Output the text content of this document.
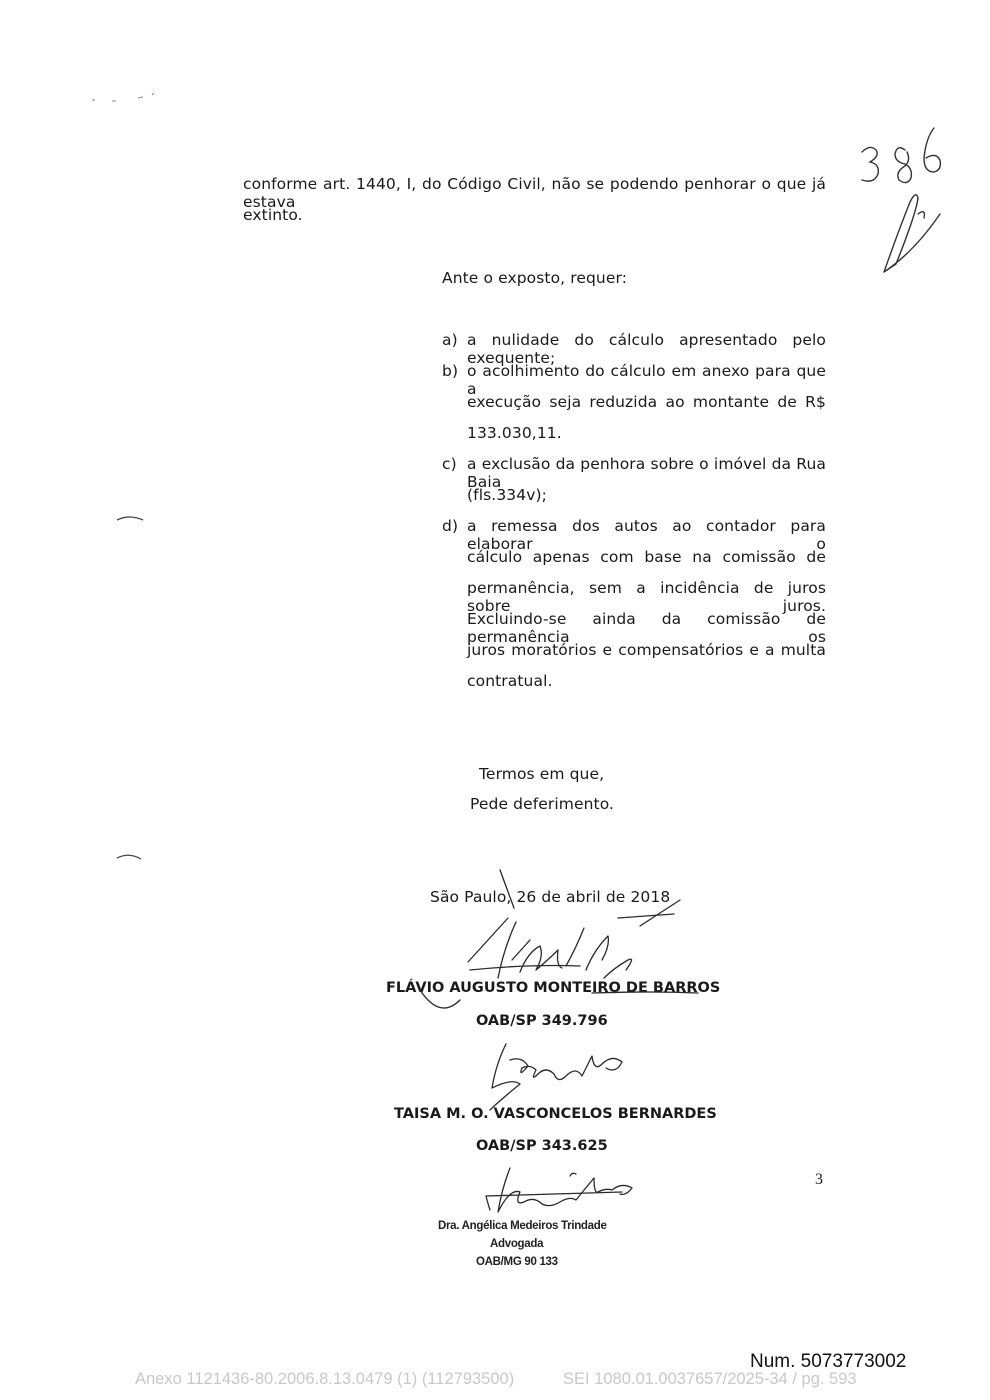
conforme art. 1440, I, do Código Civil, não se podendo penhorar o que já estava
extinto.
Ante o exposto, requer:
a) a nulidade do cálculo apresentado pelo exequente;
b) o acolhimento do cálculo em anexo para que a
execução seja reduzida ao montante de R$
133.030,11.
c) a exclusão da penhora sobre o imóvel da Rua Baia
(fls.334v);
d) a remessa dos autos ao contador para elaborar o
cálculo apenas com base na comissão de
permanência, sem a incidência de juros sobre juros.
Excluindo-se ainda da comissão de permanência os
juros moratórios e compensatórios e a multa
contratual.
Termos em que,
Pede deferimento.
São Paulo, 26 de abril de 2018
FLÁVIO AUGUSTO MONTEIRO DE BARROS
OAB/SP 349.796
TAISA M. O. VASCONCELOS BERNARDES
OAB/SP 343.625
Dra. Angélica Medeiros Trindade
Advogada
OAB/MG 90 133
3
Num. 5073773002
Anexo 1121436-80.2006.8.13.0479 (1) (112793500)	SEI 1080.01.0037657/2025-34 / pg. 593
